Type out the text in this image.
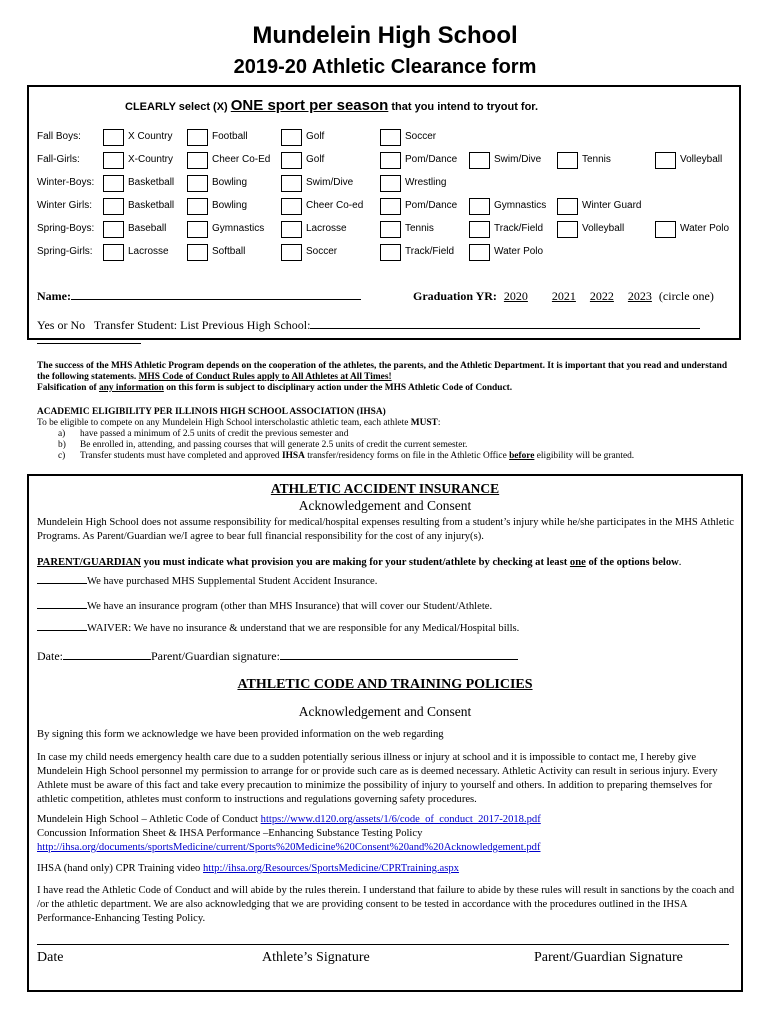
Mundelein High School
2019-20 Athletic Clearance form
CLEARLY select (X) ONE sport per season that you intend to tryout for.
Fall Boys:	X Country	Football	Golf	Soccer
Fall-Girls:	X-Country	Cheer Co-Ed	Golf	Pom/Dance	Swim/Dive	Tennis	Volleyball
Winter-Boys:	Basketball	Bowling	Swim/Dive	Wrestling
Winter Girls:	Basketball	Bowling	Cheer Co-ed	Pom/Dance	Gymnastics	Winter Guard
Spring-Boys:	Baseball	Gymnastics	Lacrosse	Tennis	Track/Field	Volleyball	Water Polo
Spring-Girls:	Lacrosse	Softball	Soccer	Track/Field	Water Polo
Name:	Graduation YR: 2020 2021 2022 2023 (circle one)
Yes or No Transfer Student: List Previous High School:
The success of the MHS Athletic Program depends on the cooperation of the athletes, the parents, and the Athletic Department. It is important that you read and understand the following statements. MHS Code of Conduct Rules apply to All Athletes at All Times!
Falsification of any information on this form is subject to disciplinary action under the MHS Athletic Code of Conduct.
ACADEMIC ELIGIBILITY PER ILLINOIS HIGH SCHOOL ASSOCIATION (IHSA)
To be eligible to compete on any Mundelein High School interscholastic athletic team, each athlete MUST:

a) have passed a minimum of 2.5 units of credit the previous semester and
b) Be enrolled in, attending, and passing courses that will generate 2.5 units of credit the current semester.
c) Transfer students must have completed and approved IHSA transfer/residency forms on file in the Athletic Office before eligibility will be granted.
ATHLETIC ACCIDENT INSURANCE
Acknowledgement and Consent
Mundelein High School does not assume responsibility for medical/hospital expenses resulting from a student’s injury while he/she participates in the MHS Athletic Programs. As Parent/Guardian we/I agree to bear full financial responsibility for the cost of any injury(s).
PARENT/GUARDIAN you must indicate what provision you are making for your student/athlete by checking at least one of the options below.
We have purchased MHS Supplemental Student Accident Insurance.
We have an insurance program (other than MHS Insurance) that will cover our Student/Athlete.
WAIVER: We have no insurance & understand that we are responsible for any Medical/Hospital bills.
Date:	Parent/Guardian signature:
ATHLETIC CODE AND TRAINING POLICIES
Acknowledgement and Consent
By signing this form we acknowledge we have been provided information on the web regarding
In case my child needs emergency health care due to a sudden potentially serious illness or injury at school and it is impossible to contact me, I hereby give Mundelein High School personnel my permission to arrange for or provide such care as is deemed necessary. Athletic Activity can result in serious injury. Every Athlete must be aware of this fact and take every precaution to minimize the possibility of injury to yourself and others. In addition to preparing themselves for athletic competition, athletes must conform to instructions and regulations governing safety procedures.
Mundelein High School – Athletic Code of Conduct https://www.d120.org/assets/1/6/code_of_conduct_2017-2018.pdf
Concussion Information Sheet & IHSA Performance –Enhancing Substance Testing Policy
http://ihsa.org/documents/sportsMedicine/current/Sports%20Medicine%20Consent%20and%20Acknowledgement.pdf
IHSA (hand only) CPR Training video http://ihsa.org/Resources/SportsMedicine/CPRTraining.aspx
I have read the Athletic Code of Conduct and will abide by the rules therein. I understand that failure to abide by these rules will result in sanctions by the coach and /or the athletic department. We are also acknowledging that we are providing consent to be tested in accordance with the procedures outlined in the IHSA Performance-Enhancing Testing Policy.
Date	Athlete’s Signature	Parent/Guardian Signature
